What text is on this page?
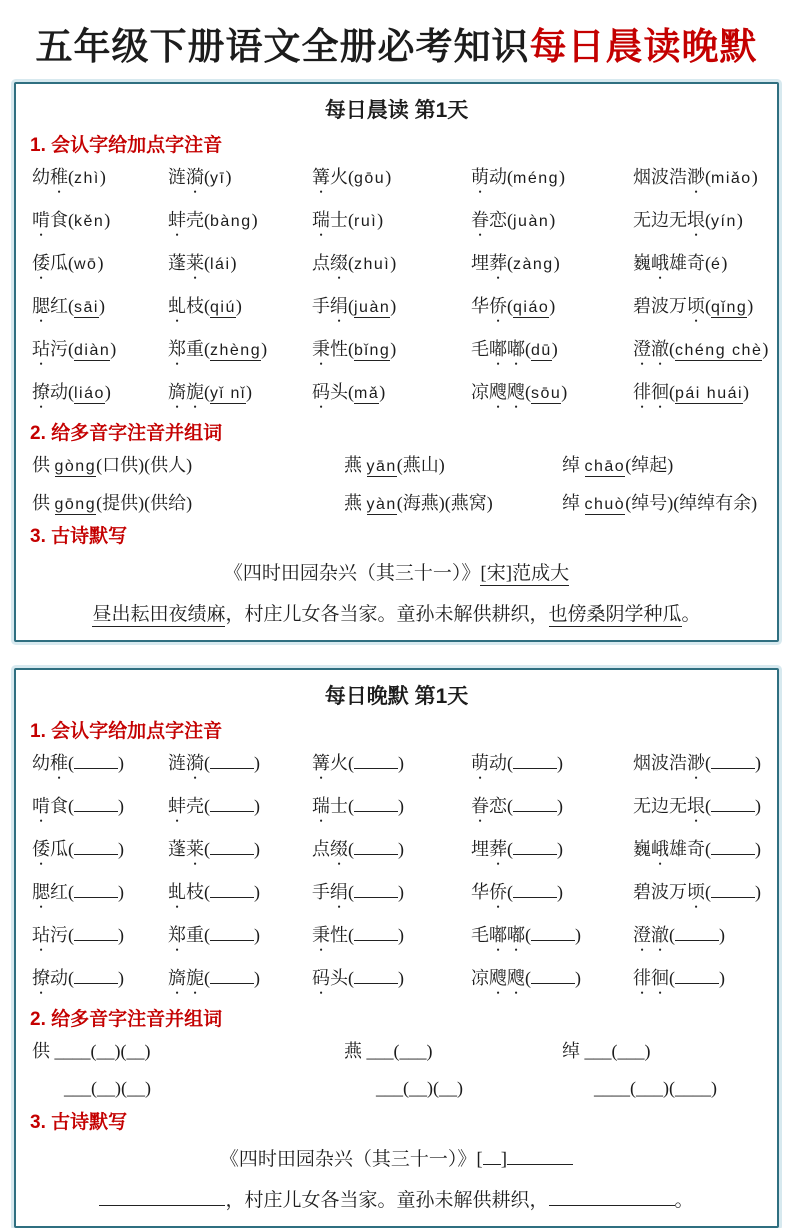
五年级下册语文全册必考知识每日晨读晚默
每日晨读 第1天
1. 会认字给加点字注音
幼稚(zhì)	涟漪(yī)	篝火(gōu)	萌动(méng)	烟波浩渺(miǎo)
啃食(kěn)	蚌壳(bàng)	瑞士(ruì)	眷恋(juàn)	无边无垠(yín)
倭瓜(wō)	蓬莱(lái)	点缀(zhuì)	埋葬(zàng)	巍峨雄奇(é)
腮红(sāi)	虬枝(qiú)	手绢(juàn)	华侨(qiáo)	碧波万顷(qǐng)
玷污(diàn)	郑重(zhèng)	秉性(bǐng)	毛嘟嘟(dū)	澄澈(chéng chè)
撩动(liáo)	旖旎(yǐ nǐ)	码头(mǎ)	凉飕飕(sōu)	徘徊(pái huái)
2. 给多音字注音并组词
供 gòng(口供)(供人)	燕 yān(燕山)	绰 chāo(绰起)
供 gōng(提供)(供给)	燕 yàn(海燕)(燕窝)	绰 chuò(绰号)(绰绰有余)
3. 古诗默写
《四时田园杂兴（其三十一）》[宋]范成大
昼出耘田夜绩麻，村庄儿女各当家。童孙未解供耕织，也傍桑阴学种瓜。
每日晚默 第1天
1. 会认字给加点字注音
幼稚( )	涟漪( )	篝火( )	萌动( )	烟波浩渺( )
啃食( )	蚌壳( )	瑞士( )	眷恋( )	无边无垠( )
倭瓜( )	蓬莱( )	点缀( )	埋葬( )	巍峨雄奇( )
腮红( )	虬枝( )	手绢( )	华侨( )	碧波万顷( )
玷污( )	郑重( )	秉性( )	毛嘟嘟( )	澄澈( )
撩动( )	旖旎( )	码头( )	凉飕飕( )	徘徊( )
2. 给多音字注音并组词
供 ____(__)(__)	燕 ___(___)	绰 ___(___)
___(__)(__)	___(__)(__)	____(___)(____)
3. 古诗默写
《四时田园杂兴（其三十一）》[ ]
，村庄儿女各当家。童孙未解供耕织，	。
